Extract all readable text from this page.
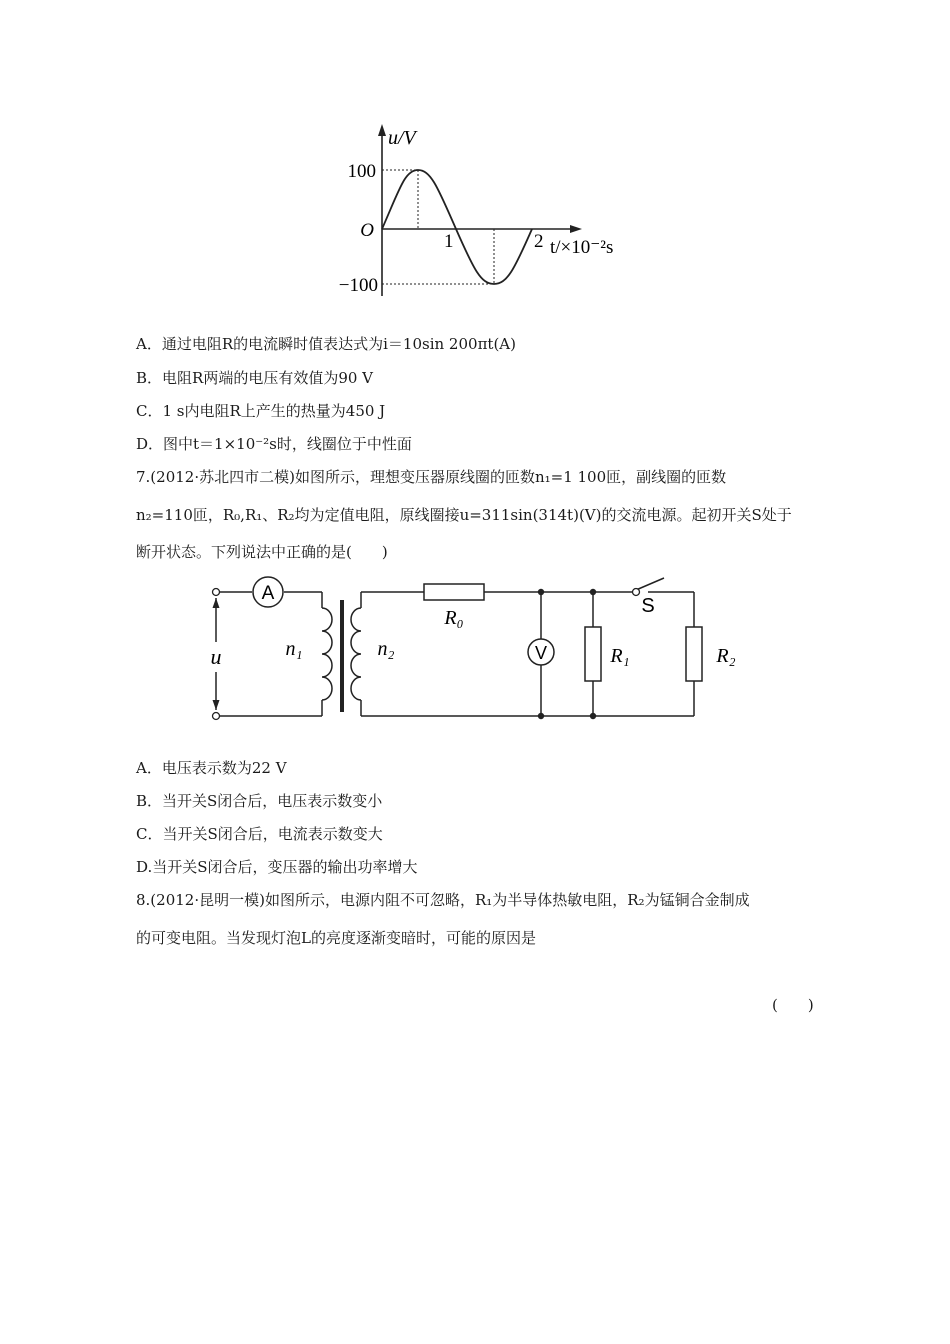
u/V
100
O
−100
1	2 t/×10⁻²s
A．通过电阻R的电流瞬时值表达式为i＝10sin 200πt(A)
B．电阻R两端的电压有效值为90 V
C．1 s内电阻R上产生的热量为450 J
D．图中t＝1×10⁻²s时，线圈位于中性面
7.(2012·苏北四市二模)如图所示，理想变压器原线圈的匝数n₁=1 100匝，副线圈的匝数
n₂=110匝，R₀,R₁、R₂均为定值电阻，原线圈接u=311sin(314t)(V)的交流电源。起初开关S处于
断开状态。下列说法中正确的是(　　)
A
V
u	n₁	n₂
R₀
R₁	R₂
S
A．电压表示数为22 V
B．当开关S闭合后，电压表示数变小
C．当开关S闭合后，电流表示数变大
D.当开关S闭合后，变压器的输出功率增大
8.(2012·昆明一模)如图所示，电源内阻不可忽略，R₁为半导体热敏电阻，R₂为锰铜合金制成
的可变电阻。当发现灯泡L的亮度逐渐变暗时，可能的原因是
(　　)
